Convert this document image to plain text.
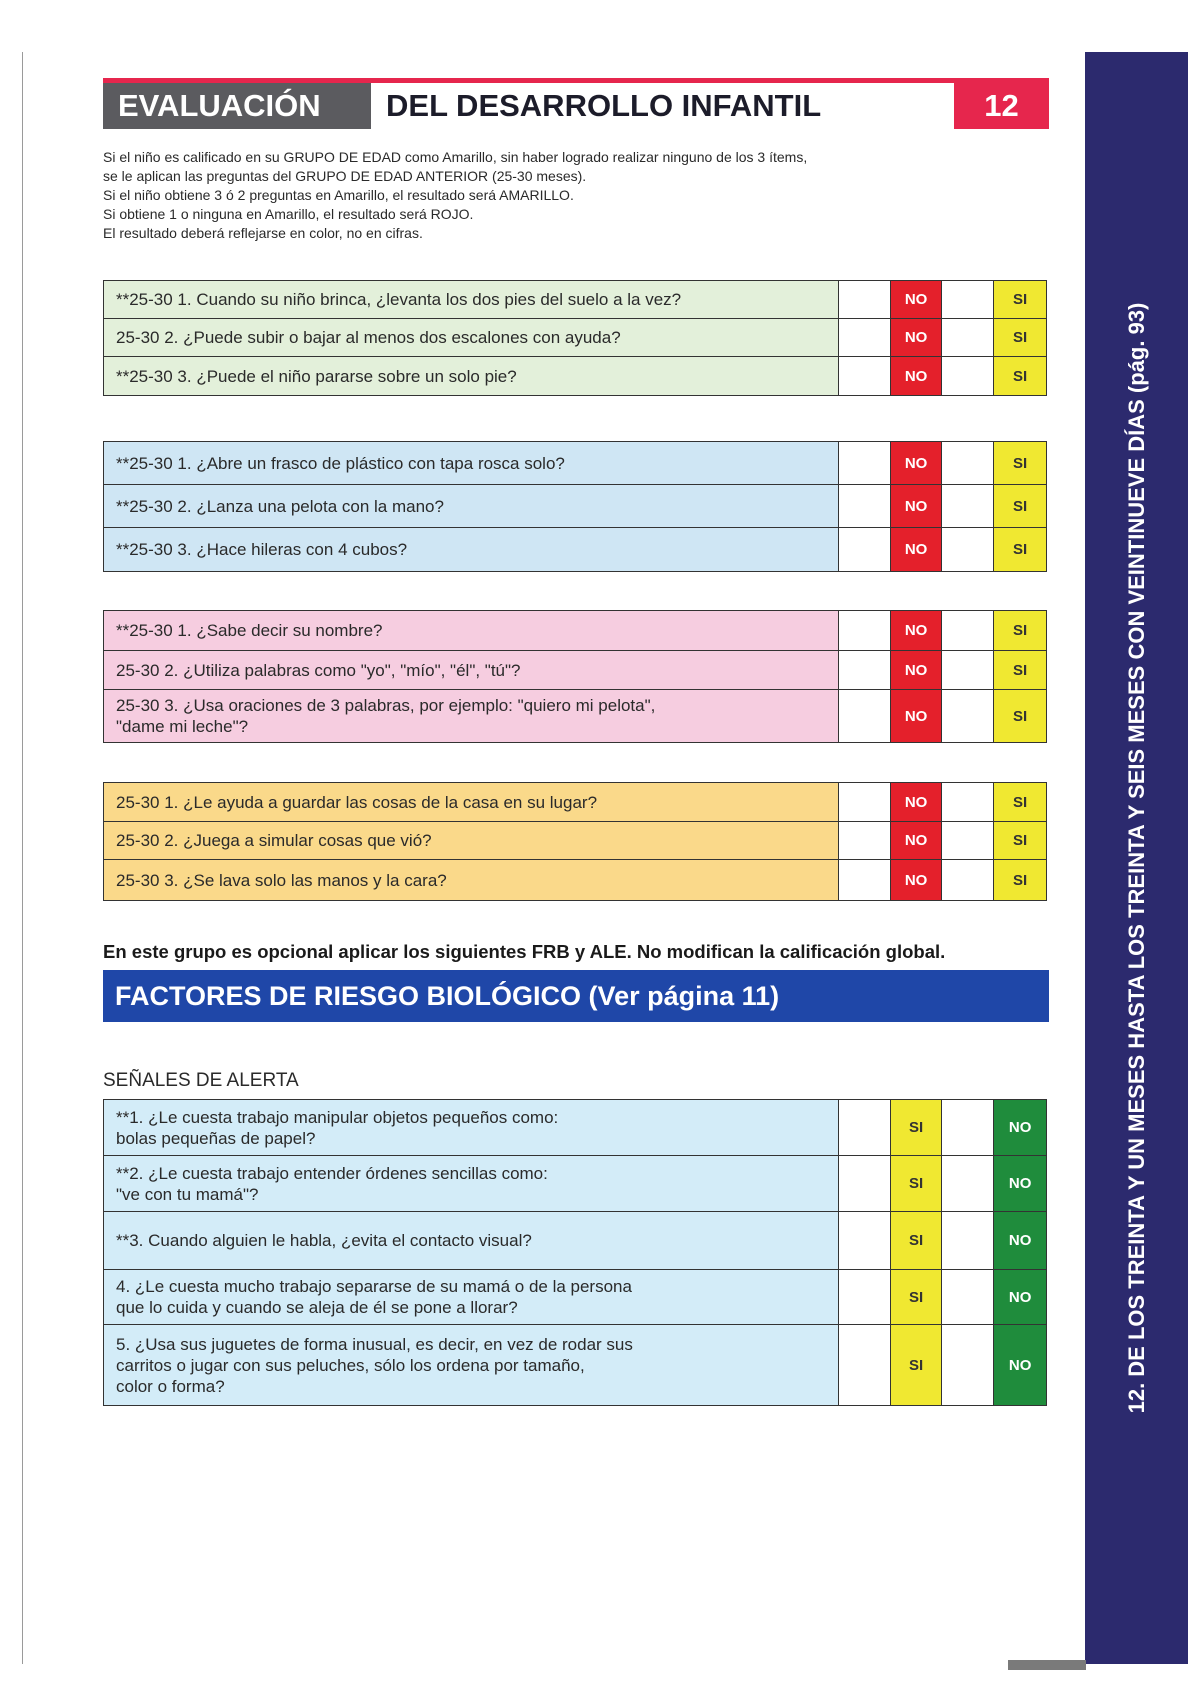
EVALUACIÓN	DEL DESARROLLO INFANTIL	12
Si el niño es calificado en su GRUPO DE EDAD como Amarillo, sin haber logrado realizar ninguno de los 3 ítems,
se le aplican las preguntas del GRUPO DE EDAD ANTERIOR (25-30 meses).
Si el niño obtiene 3 ó 2 preguntas en Amarillo, el resultado será AMARILLO.
Si obtiene 1 o ninguna en Amarillo, el resultado será ROJO.
El resultado deberá reflejarse en color, no en cifras.
**25-30 1. Cuando su niño brinca, ¿levanta los dos pies del suelo a la vez?	NO	SI
25-30 2. ¿Puede subir o bajar al menos dos escalones con ayuda?	NO	SI
**25-30 3. ¿Puede el niño pararse sobre un solo pie?	NO	SI
**25-30 1. ¿Abre un frasco de plástico con tapa rosca solo?	NO	SI
**25-30 2. ¿Lanza una pelota con la mano?	NO	SI
**25-30 3. ¿Hace hileras con 4 cubos?	NO	SI
**25-30 1. ¿Sabe decir su nombre?	NO	SI
25-30 2. ¿Utiliza palabras como "yo", "mío", "él", "tú"?	NO	SI
25-30 3. ¿Usa oraciones de 3 palabras, por ejemplo: "quiero mi pelota",
"dame mi leche"?
NO	SI
25-30 1. ¿Le ayuda a guardar las cosas de la casa en su lugar?	NO	SI
25-30 2. ¿Juega a simular cosas que vió?	NO	SI
25-30 3. ¿Se lava solo las manos y la cara?	NO	SI
En este grupo es opcional aplicar los siguientes FRB y ALE. No modifican la calificación global.
FACTORES DE RIESGO BIOLÓGICO (Ver página 11)
SEÑALES DE ALERTA
**1. ¿Le cuesta trabajo manipular objetos pequeños como:
bolas pequeñas de papel?
SI	NO
**2. ¿Le cuesta trabajo entender órdenes sencillas como:
"ve con tu mamá"?
SI	NO
**3. Cuando alguien le habla, ¿evita el contacto visual?	SI	NO
4. ¿Le cuesta mucho trabajo separarse de su mamá o de la persona
que lo cuida y cuando se aleja de él se pone a llorar?
SI	NO
5. ¿Usa sus juguetes de forma inusual, es decir, en vez de rodar sus
carritos o jugar con sus peluches, sólo los ordena por tamaño,
color o forma?
SI	NO	12. DE LOS TREINTA Y UN MESES HASTA LOS TREINTA Y SEIS MESES CON VEINTINUEVE DÍAS (pág. 93)
